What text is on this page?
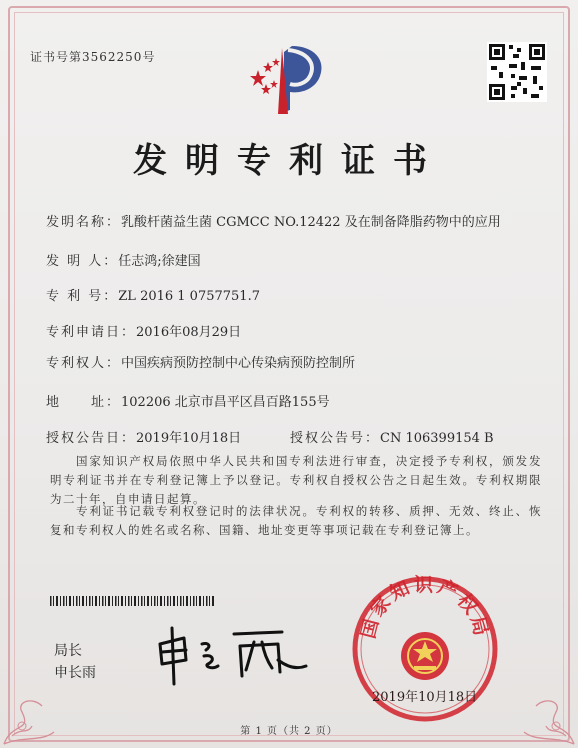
证书号第3562250号
发明专利证书
发明名称：乳酸杆菌益生菌 CGMCC NO.12422 及在制备降脂药物中的应用
发 明 人：任志鸿;徐建国
专 利 号：ZL 2016 1 0757751.7
专利申请日：2016年08月29日
专利权人：中国疾病预防控制中心传染病预防控制所
地　　址：102206 北京市昌平区昌百路155号
授权公告日：2019年10月18日	授权公告号：CN 106399154 B
国家知识产权局依照中华人民共和国专利法进行审查，决定授予专利权，颁发发明专利证书并在专利登记簿上予以登记。专利权自授权公告之日起生效。专利权期限为二十年，自申请日起算。
专利证书记载专利权登记时的法律状况。专利权的转移、质押、无效、终止、恢复和专利权人的姓名或名称、国籍、地址变更等事项记载在专利登记簿上。
局长
申长雨
国家知识产权局
2019年10月18日
第 1 页（共 2 页）
